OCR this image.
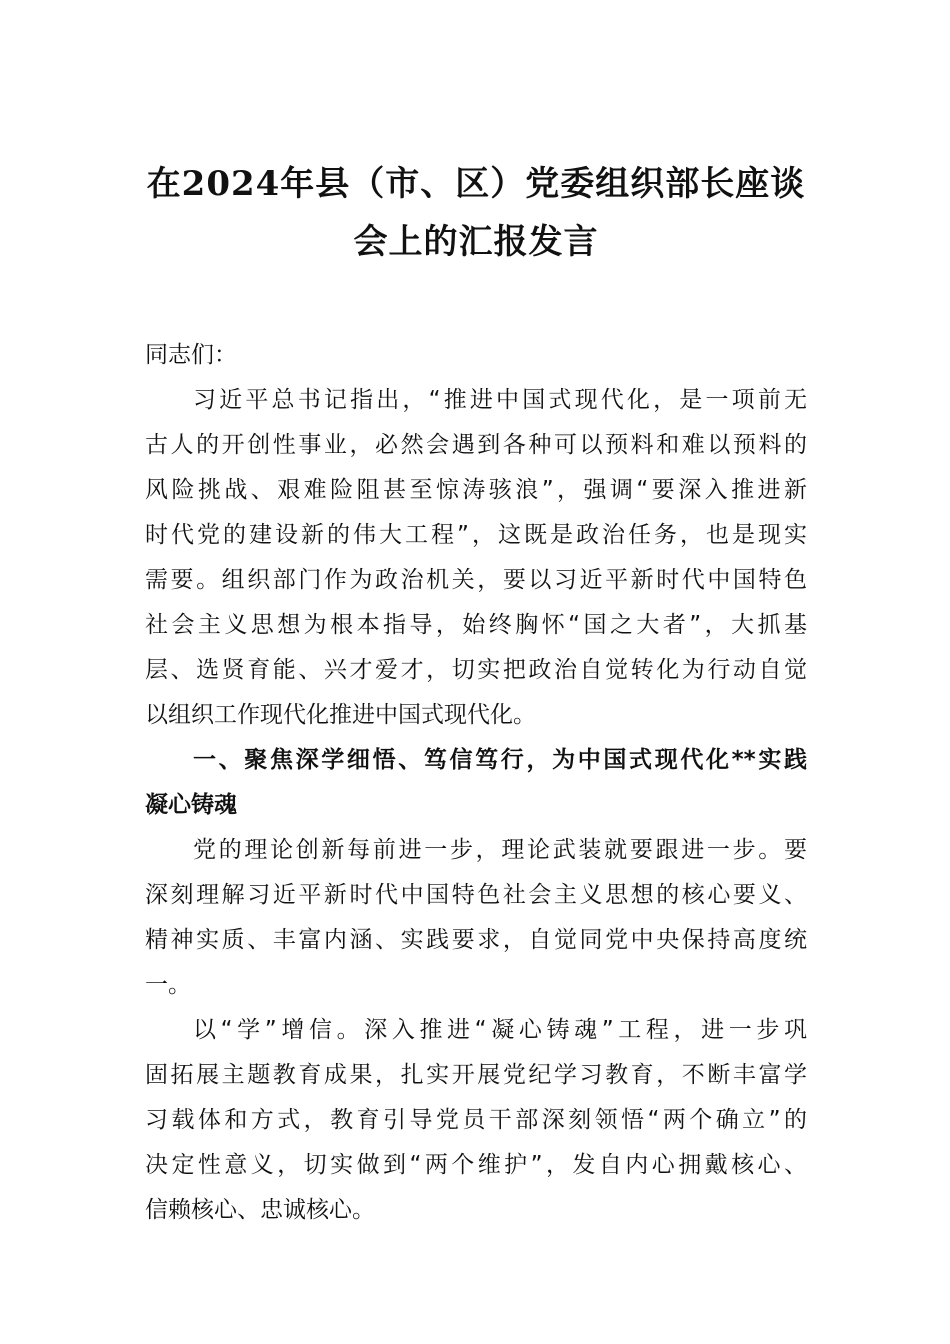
在2024年县（市、区）党委组织部长座谈
会上的汇报发言
同志们：
习近平总书记指出，“推进中国式现代化，是一项前无
古人的开创性事业，必然会遇到各种可以预料和难以预料的
风险挑战、艰难险阻甚至惊涛骇浪”，强调“要深入推进新
时代党的建设新的伟大工程”，这既是政治任务，也是现实
需要。组织部门作为政治机关，要以习近平新时代中国特色
社会主义思想为根本指导，始终胸怀“国之大者”，大抓基
层、选贤育能、兴才爱才，切实把政治自觉转化为行动自觉
以组织工作现代化推进中国式现代化。
一、聚焦深学细悟、笃信笃行，为中国式现代化**实践
凝心铸魂
党的理论创新每前进一步，理论武装就要跟进一步。要
深刻理解习近平新时代中国特色社会主义思想的核心要义、
精神实质、丰富内涵、实践要求，自觉同党中央保持高度统
一。
以“学”增信。深入推进“凝心铸魂”工程，进一步巩
固拓展主题教育成果，扎实开展党纪学习教育，不断丰富学
习载体和方式，教育引导党员干部深刻领悟“两个确立”的
决定性意义，切实做到“两个维护”，发自内心拥戴核心、
信赖核心、忠诚核心。
